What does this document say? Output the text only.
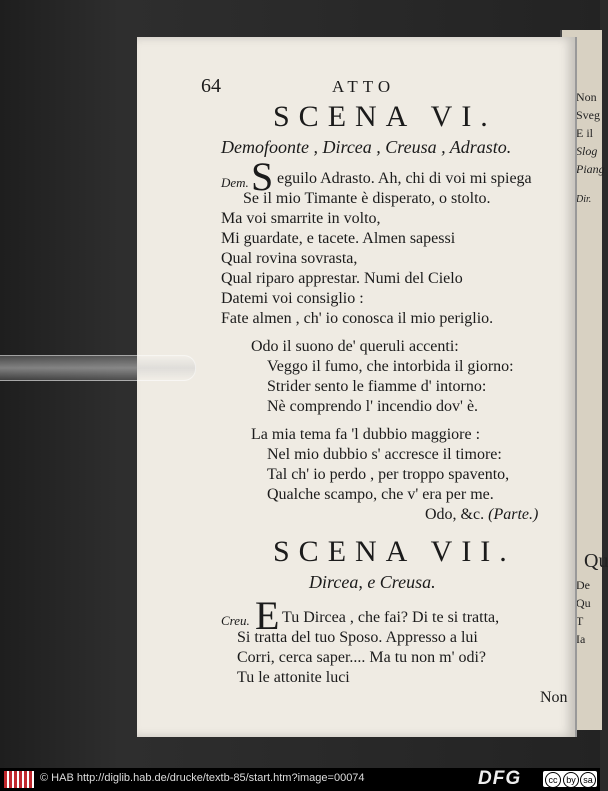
Non
Sveg
E il
Slog
Piang
Dir.
Qu
De
Qu
T
Ia
64	ATTO
SCENA VI.
Demofoonte , Dircea , Creusa , Adrasto.
Dem. S eguilo Adrasto. Ah, chi di voi mi spiega
Se il mio Timante è disperato, o stolto.
Ma voi smarrite in volto,
Mi guardate, e tacete. Almen sapessi
Qual rovina sovrasta,
Qual riparo apprestar. Numi del Cielo
Datemi voi consiglio :
Fate almen , ch' io conosca il mio periglio.
Odo il suono de' queruli accenti:
Veggo il fumo, che intorbida il giorno:
Strider sento le fiamme d' intorno:
Nè comprendo l' incendio dov' è.
La mia tema fa 'l dubbio maggiore :
Nel mio dubbio s' accresce il timore:
Tal ch' io perdo , per troppo spavento,
Qualche scampo, che v' era per me.
Odo, &c. (Parte.)
SCENA VII.
Dircea, e Creusa.
Creu. E Tu Dircea , che fai? Di te si tratta,
Si tratta del tuo Sposo. Appresso a lui
Corri, cerca saper.... Ma tu non m' odi?
Tu le attonite luci
Non
© HAB http://diglib.hab.de/drucke/textb-85/start.htm?image=00074	DFG	cc by sa
